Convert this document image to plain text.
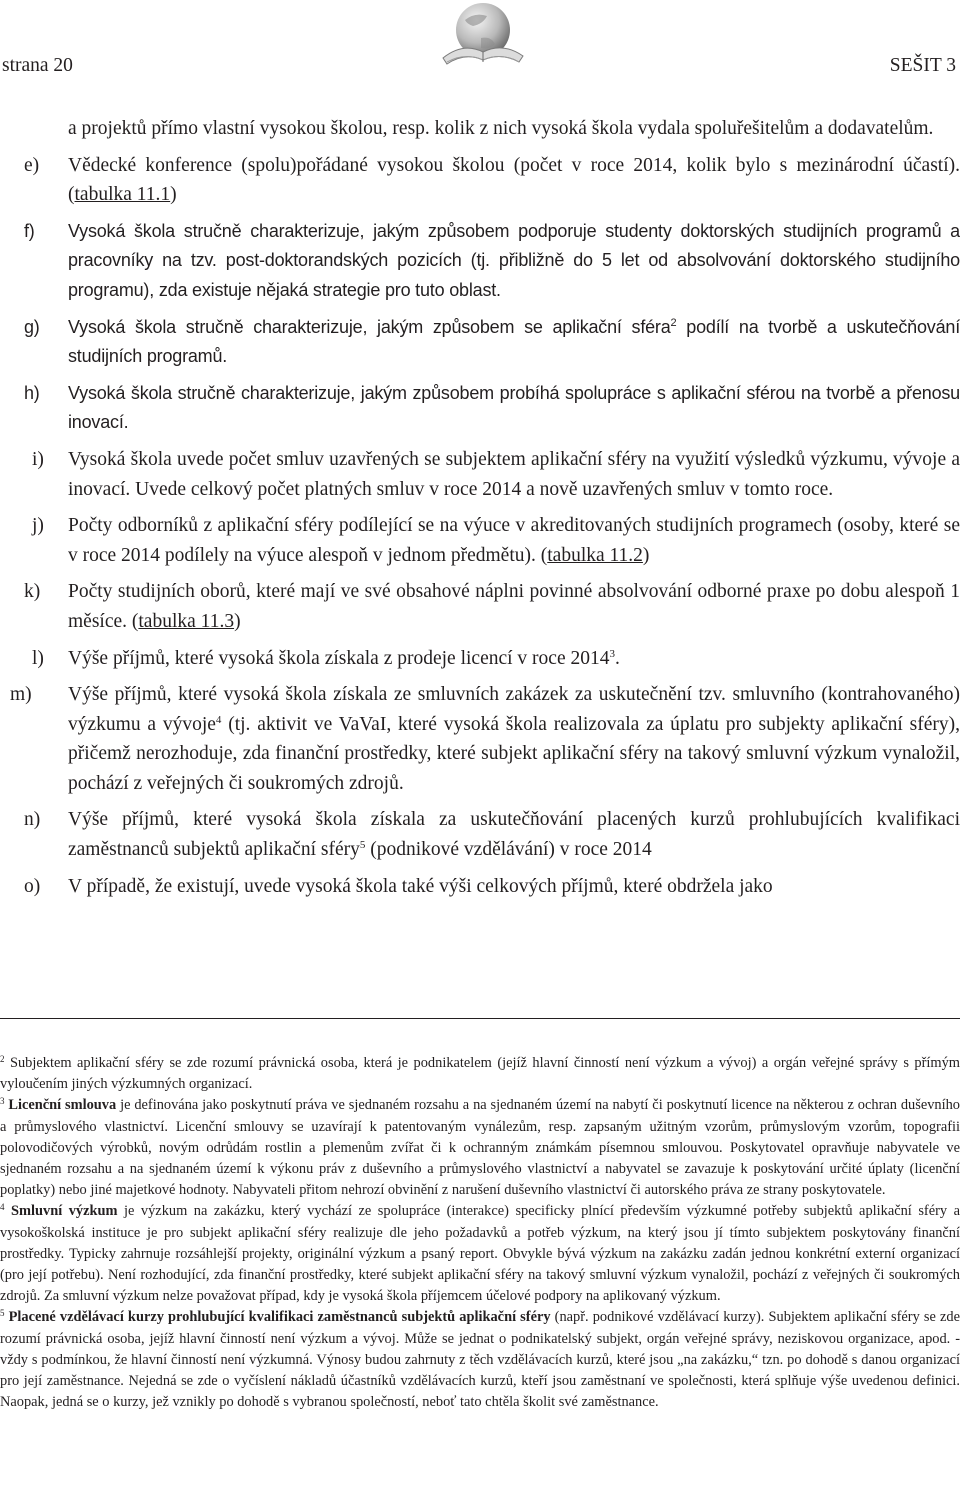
strana 20	SEŠIT 3
a projektů přímo vlastní vysokou školou, resp. kolik z nich vysoká škola vydala spoluřešitelům a dodavatelům.
e) Vědecké konference (spolu)pořádané vysokou školou (počet v roce 2014, kolik bylo s mezinárodní účastí). (tabulka 11.1)
f) Vysoká škola stručně charakterizuje, jakým způsobem podporuje studenty doktorských studijních programů a pracovníky na tzv. post-doktorandských pozicích (tj. přibližně do 5 let od absolvování doktorského studijního programu), zda existuje nějaká strategie pro tuto oblast.
g) Vysoká škola stručně charakterizuje, jakým způsobem se aplikační sféra$^2$ podílí na tvorbě a uskutečňování studijních programů.
h) Vysoká škola stručně charakterizuje, jakým způsobem probíhá spolupráce s aplikační sférou na tvorbě a přenosu inovací.
i) Vysoká škola uvede počet smluv uzavřených se subjektem aplikační sféry na využití výsledků výzkumu, vývoje a inovací. Uvede celkový počet platných smluv v roce 2014 a nově uzavřených smluv v tomto roce.
j) Počty odborníků z aplikační sféry podílející se na výuce v akreditovaných studijních programech (osoby, které se v roce 2014 podílely na výuce alespoň v jednom předmětu). (tabulka 11.2)
k) Počty studijních oborů, které mají ve své obsahové náplni povinné absolvování odborné praxe po dobu alespoň 1 měsíce. (tabulka 11.3)
l) Výše příjmů, které vysoká škola získala z prodeje licencí v roce 2014$^3$.
m) Výše příjmů, které vysoká škola získala ze smluvních zakázek za uskutečnění tzv. smluvního (kontrahovaného) výzkumu a vývoje$^4$ (tj. aktivit ve VaVaI, které vysoká škola realizovala za úplatu pro subjekty aplikační sféry), přičemž nerozhoduje, zda finanční prostředky, které subjekt aplikační sféry na takový smluvní výzkum vynaložil, pochází z veřejných či soukromých zdrojů.
n) Výše příjmů, které vysoká škola získala za uskutečňování placených kurzů prohlubujících kvalifikaci zaměstnanců subjektů aplikační sféry$^5$ (podnikové vzdělávání) v roce 2014
o) V případě, že existují, uvede vysoká škola také výši celkových příjmů, které obdržela jako

$^2$ Subjektem aplikační sféry se zde rozumí právnická osoba, která je podnikatelem (jejíž hlavní činností není výzkum a vývoj) a orgán veřejné správy s přímým vyloučením jiných výzkumných organizací.

$^3$ Licenční smlouva je definována jako poskytnutí práva ve sjednaném rozsahu a na sjednaném území na nabytí či poskytnutí licence na některou z ochran duševního a průmyslového vlastnictví. Licenční smlouvy se uzavírají k patentovaným vynálezům, resp. zapsaným užitným vzorům, průmyslovým vzorům, topografii polovodičových výrobků, novým odrůdám rostlin a plemenům zvířat či k ochranným známkám písemnou smlouvou. Poskytovatel opravňuje nabyvatele ve sjednaném rozsahu a na sjednaném území k výkonu práv z duševního a průmyslového vlastnictví a nabyvatel se zavazuje k poskytování určité úplaty (licenční poplatky) nebo jiné majetkové hodnoty. Nabyvateli přitom nehrozí obvinění z narušení duševního vlastnictví či autorského práva ze strany poskytovatele.

$^4$ Smluvní výzkum je výzkum na zakázku, který vychází ze spolupráce (interakce) specificky plnící především výzkumné potřeby subjektů aplikační sféry a vysokoškolská instituce je pro subjekt aplikační sféry realizuje dle jeho požadavků a potřeb výzkum, na který jsou jí tímto subjektem poskytovány finanční prostředky. Typicky zahrnuje rozsáhlejší projekty, originální výzkum a psaný report. Obvykle bývá výzkum na zakázku zadán jednou konkrétní externí organizací (pro její potřebu). Není rozhodující, zda finanční prostředky, které subjekt aplikační sféry na takový smluvní výzkum vynaložil, pochází z veřejných či soukromých zdrojů. Za smluvní výzkum nelze považovat případ, kdy je vysoká škola příjemcem účelové podpory na aplikovaný výzkum.

$^5$ Placené vzdělávací kurzy prohlubující kvalifikaci zaměstnanců subjektů aplikační sféry (např. podnikové vzdělávací kurzy). Subjektem aplikační sféry se zde rozumí právnická osoba, jejíž hlavní činností není výzkum a vývoj. Může se jednat o podnikatelský subjekt, orgán veřejné správy, neziskovou organizace, apod. - vždy s podmínkou, že hlavní činností není výzkumná. Výnosy budou zahrnuty z těch vzdělávacích kurzů, které jsou „na zakázku,“ tzn. po dohodě s danou organizací pro její zaměstnance. Nejedná se zde o vyčíslení nákladů účastníků vzdělávacích kurzů, kteří jsou zaměstnaní ve společnosti, která splňuje výše uvedenou definici. Naopak, jedná se o kurzy, jež vznikly po dohodě s vybranou společností, neboť tato chtěla školit své zaměstnance.
